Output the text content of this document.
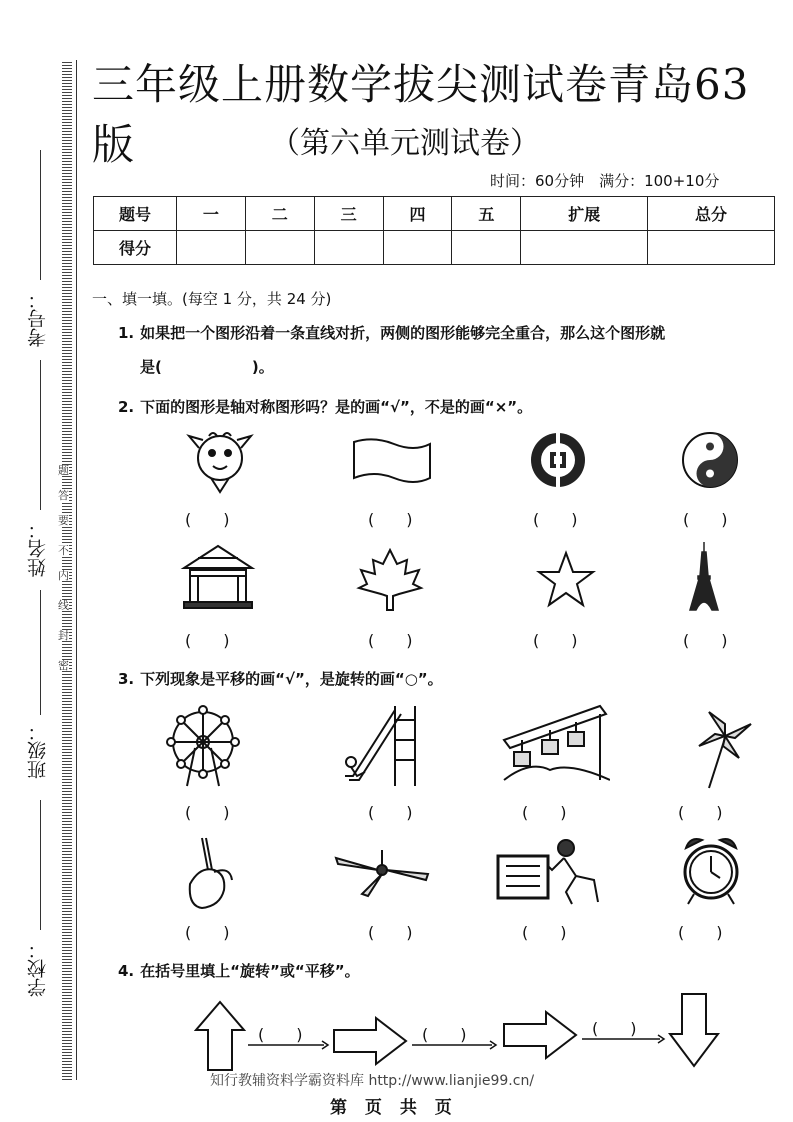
考号：
姓名：
班级：
学校：
题
答
要
不
内
线
封
密
三年级上册数学拔尖测试卷青岛63版	（第六单元测试卷）
时间：60分钟　满分：100+10分
题号	一	二	三	四	五	扩展	总分
得分							
一、填一填。(每空 1 分，共 24 分)
1. 如果把一个图形沿着一条直线对折，两侧的图形能够完全重合，那么这个图形就
是(　　　　　　)。
2. 下面的图形是轴对称图形吗？是的画“√”，不是的画“×”。
(　　)	(　　)	(　　)	(　　)
(　　)	(　　)	(　　)	(　　)
3. 下列现象是平移的画“√”，是旋转的画“○”。
(　　)	(　　)	(　　)	(　　)
(　　)	(　　)	(　　)	(　　)
4. 在括号里填上“旋转”或“平移”。
(　　)	(　　)	(　　)
知行教辅资料学霸资料库 http://www.lianjie99.cn/
第 页 共 页
